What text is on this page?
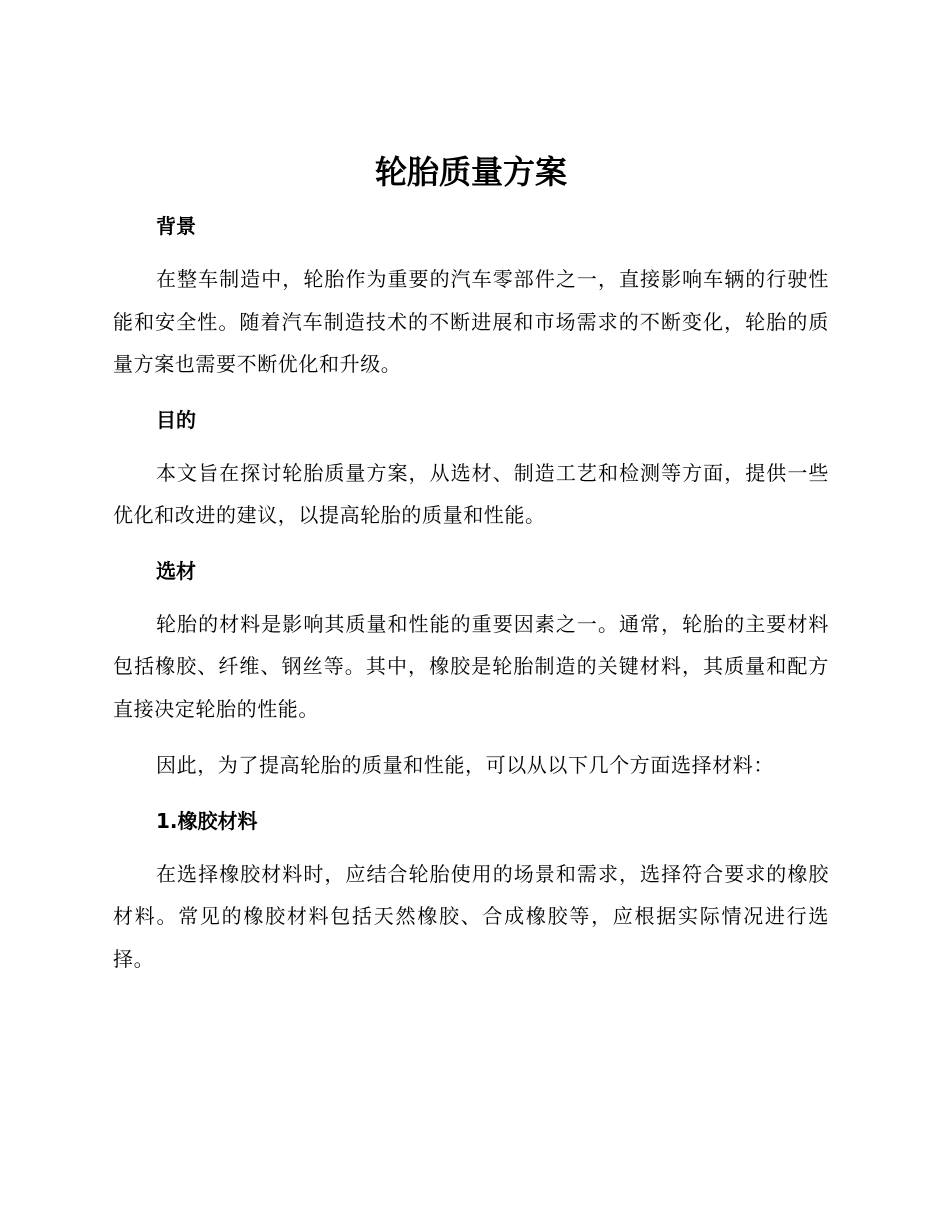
轮胎质量方案
背景

在整车制造中，轮胎作为重要的汽车零部件之一，直接影响车辆的行驶性能和安全性。随着汽车制造技术的不断进展和市场需求的不断变化，轮胎的质量方案也需要不断优化和升级。

目的

本文旨在探讨轮胎质量方案，从选材、制造工艺和检测等方面，提供一些优化和改进的建议，以提高轮胎的质量和性能。

选材

轮胎的材料是影响其质量和性能的重要因素之一。通常，轮胎的主要材料包括橡胶、纤维、钢丝等。其中，橡胶是轮胎制造的关键材料，其质量和配方直接决定轮胎的性能。

因此，为了提高轮胎的质量和性能，可以从以下几个方面选择材料：

1.橡胶材料

在选择橡胶材料时，应结合轮胎使用的场景和需求，选择符合要求的橡胶材料。常见的橡胶材料包括天然橡胶、合成橡胶等，应根据实际情况进行选择。
